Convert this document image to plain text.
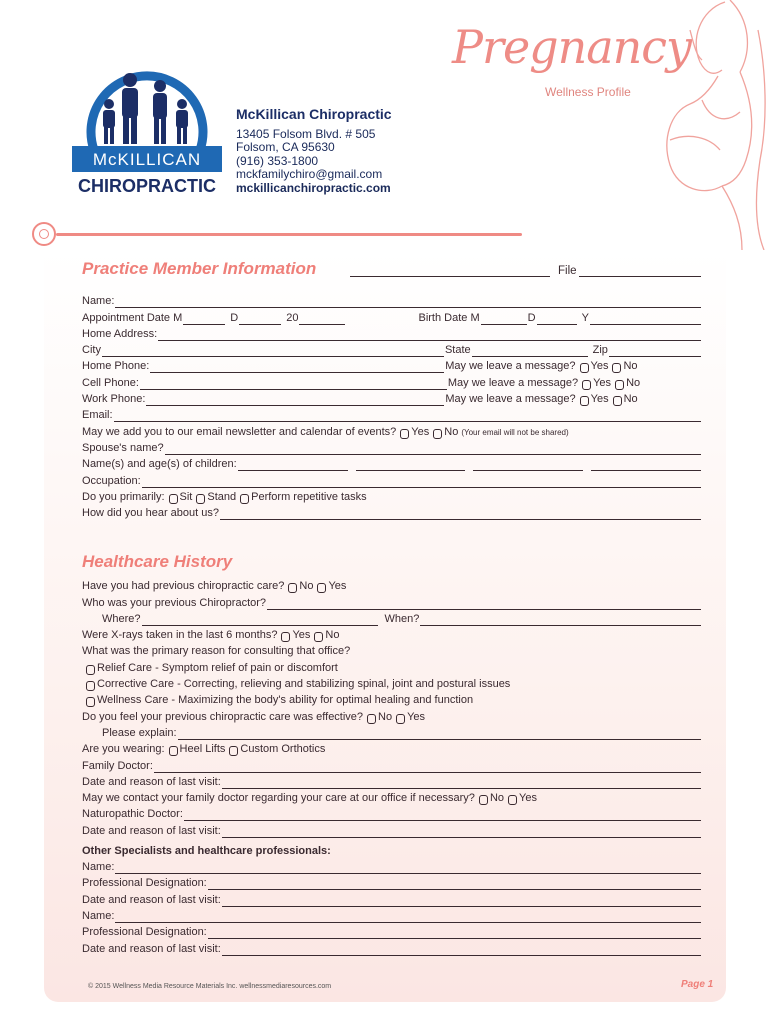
McKILLICAN
CHIROPRACTIC
McKillican Chiropractic
13405 Folsom Blvd. # 505
Folsom, CA 95630
(916) 353-1800
mckfamilychiro@gmail.com
mckillicanchiropractic.com
Pregnancy
Wellness Profile
Practice Member Information	File
Name:
Appointment Date M	D	20	Birth Date M	D	Y
Home Address:
City	State	Zip
Home Phone:	May we leave a message? Yes No
Cell Phone:	May we leave a message? Yes No
Work Phone:	May we leave a message? Yes No
Email:
May we add you to our email newsletter and calendar of events? Yes No (Your email will not be shared)
Spouse's name?
Name(s) and age(s) of children:
Occupation:
Do you primarily: Sit Stand Perform repetitive tasks
How did you hear about us?
Healthcare History
Have you had previous chiropractic care? No Yes
Who was your previous Chiropractor?
Where?	When?
Were X-rays taken in the last 6 months? Yes No
What was the primary reason for consulting that office?
Relief Care - Symptom relief of pain or discomfort
Corrective Care - Correcting, relieving and stabilizing spinal, joint and postural issues
Wellness Care - Maximizing the body's ability for optimal healing and function
Do you feel your previous chiropractic care was effective? No Yes
Please explain:
Are you wearing: Heel Lifts Custom Orthotics
Family Doctor:
Date and reason of last visit:
May we contact your family doctor regarding your care at our office if necessary? No Yes
Naturopathic Doctor:
Date and reason of last visit:
Other Specialists and healthcare professionals:
Name:
Professional Designation:
Date and reason of last visit:
Name:
Professional Designation:
Date and reason of last visit:
© 2015 Wellness Media Resource Materials Inc. wellnessmediaresources.com	Page 1
